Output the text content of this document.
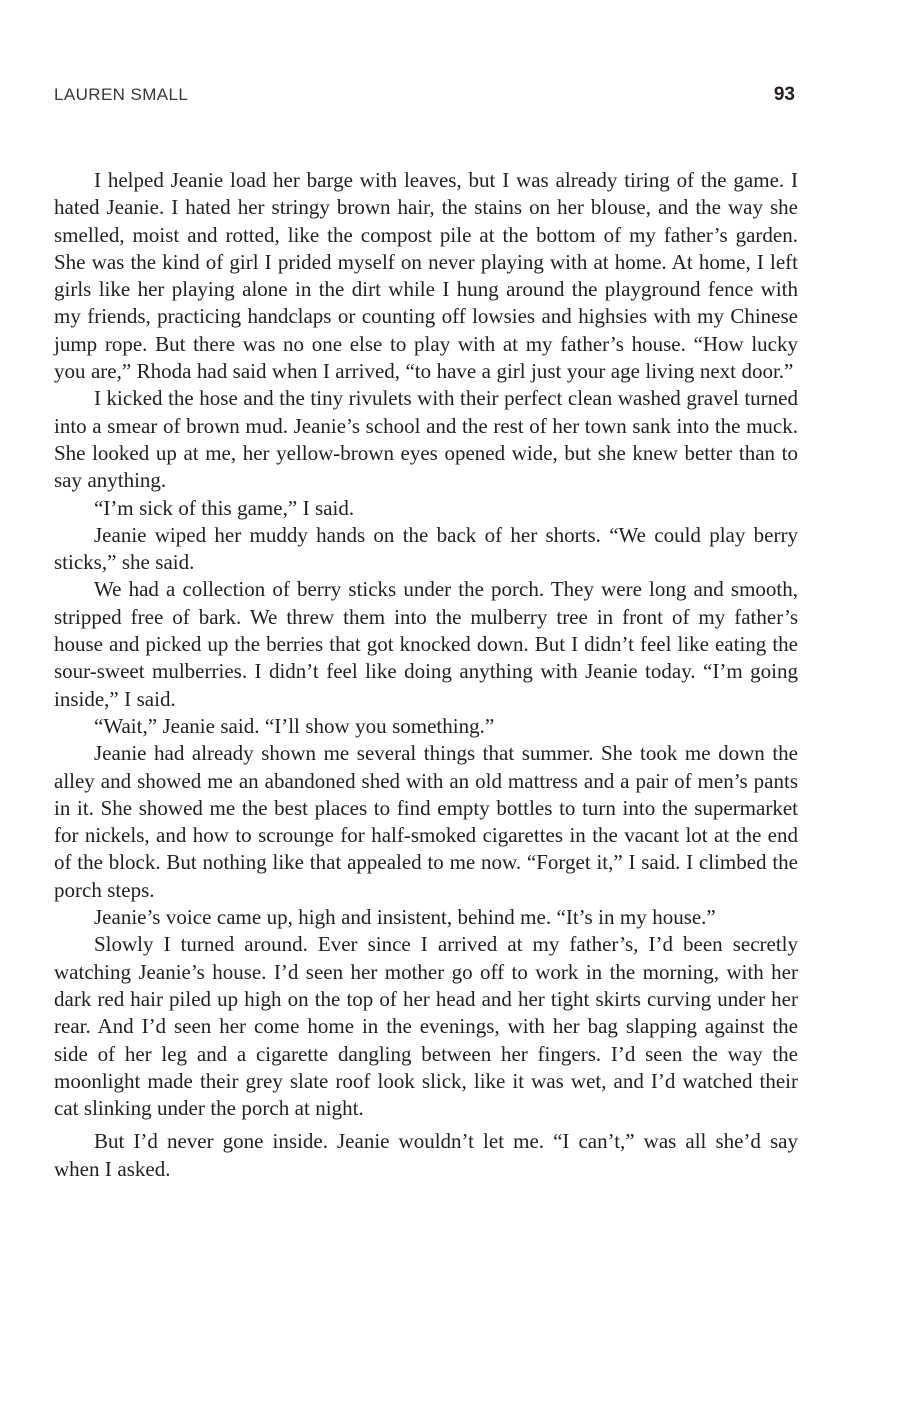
LAUREN SMALL	93

I helped Jeanie load her barge with leaves, but I was already tiring of the game. I hated Jeanie. I hated her stringy brown hair, the stains on her blouse, and the way she smelled, moist and rotted, like the compost pile at the bottom of my father’s garden. She was the kind of girl I prided myself on never playing with at home. At home, I left girls like her playing alone in the dirt while I hung around the playground fence with my friends, practicing handclaps or counting off lowsies and highsies with my Chinese jump rope. But there was no one else to play with at my father’s house. “How lucky you are,” Rhoda had said when I arrived, “to have a girl just your age living next door.”

I kicked the hose and the tiny rivulets with their perfect clean washed gravel turned into a smear of brown mud. Jeanie’s school and the rest of her town sank into the muck. She looked up at me, her yellow-brown eyes opened wide, but she knew better than to say anything.

“I’m sick of this game,” I said.

Jeanie wiped her muddy hands on the back of her shorts. “We could play berry sticks,” she said.

We had a collection of berry sticks under the porch. They were long and smooth, stripped free of bark. We threw them into the mulberry tree in front of my father’s house and picked up the berries that got knocked down. But I didn’t feel like eating the sour-sweet mulberries. I didn’t feel like doing anything with Jeanie today. “I’m going inside,” I said.

“Wait,” Jeanie said. “I’ll show you something.”

Jeanie had already shown me several things that summer. She took me down the alley and showed me an abandoned shed with an old mattress and a pair of men’s pants in it. She showed me the best places to find empty bottles to turn into the supermarket for nickels, and how to scrounge for half-smoked cigarettes in the vacant lot at the end of the block. But nothing like that appealed to me now. “Forget it,” I said. I climbed the porch steps.

Jeanie’s voice came up, high and insistent, behind me. “It’s in my house.”

Slowly I turned around. Ever since I arrived at my father’s, I’d been secretly watching Jeanie’s house. I’d seen her mother go off to work in the morning, with her dark red hair piled up high on the top of her head and her tight skirts curving under her rear. And I’d seen her come home in the evenings, with her bag slapping against the side of her leg and a cigarette dangling between her fingers. I’d seen the way the moonlight made their grey slate roof look slick, like it was wet, and I’d watched their cat slinking under the porch at night.

But I’d never gone inside. Jeanie wouldn’t let me. “I can’t,” was all she’d say when I asked.
